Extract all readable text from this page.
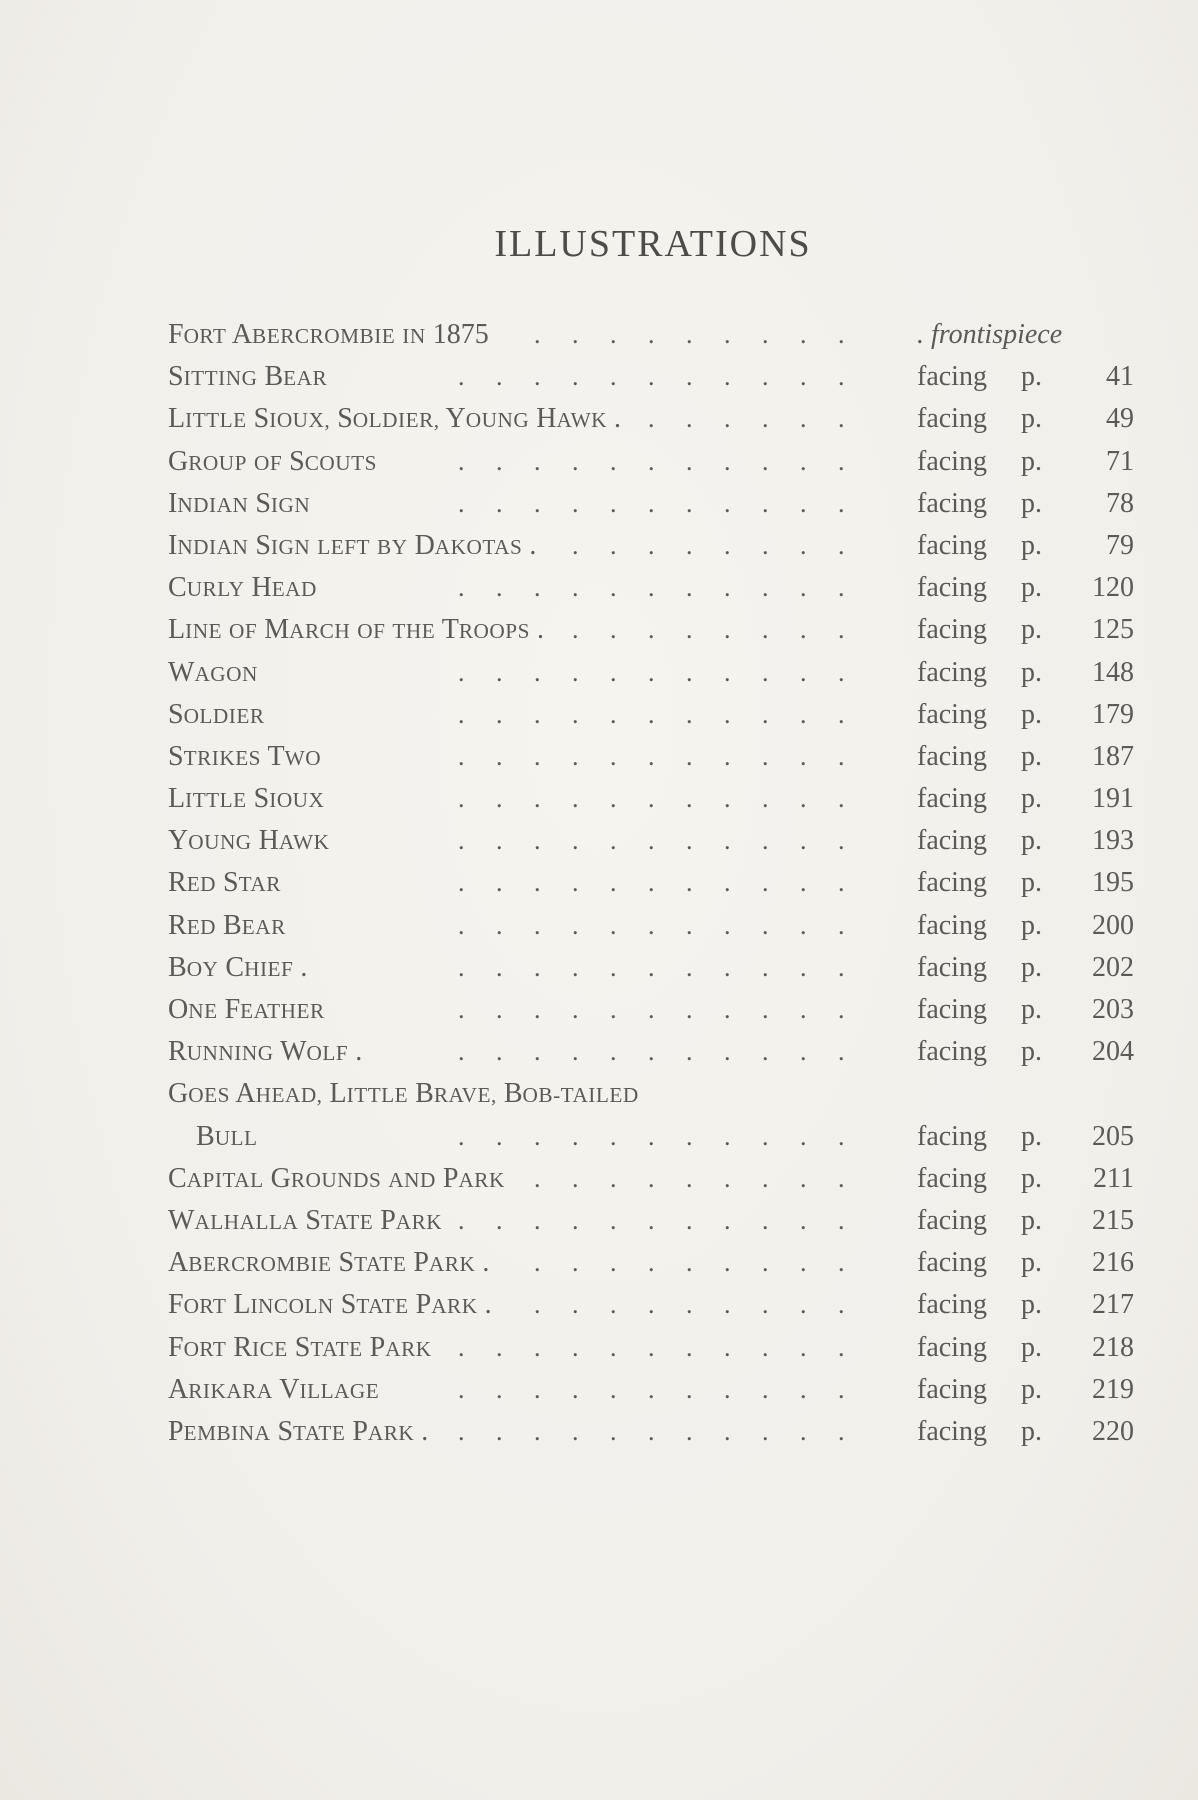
ILLUSTRATIONS
FORT ABERCROMBIE IN 1875 . . . . . . . . .	. frontispiece
SITTING BEAR	. . . . . . . . . . .	facing p. 41
LITTLE SIOUX, SOLDIER, YOUNG HAWK . . . . . . .	facing p. 49
GROUP OF SCOUTS	. . . . . . . . . . .	facing p. 71
INDIAN SIGN	. . . . . . . . . . .	facing p. 78
INDIAN SIGN LEFT BY DAKOTAS . . . . . . . . .	facing p. 79
CURLY HEAD	. . . . . . . . . . .	facing p. 120
LINE OF MARCH OF THE TROOPS . . . . . . . . .	facing p. 125
WAGON	. . . . . . . . . . .	facing p. 148
SOLDIER	. . . . . . . . . . .	facing p. 179
STRIKES TWO	. . . . . . . . . . .	facing p. 187
LITTLE SIOUX	. . . . . . . . . . .	facing p. 191
YOUNG HAWK	. . . . . . . . . . .	facing p. 193
RED STAR	. . . . . . . . . . .	facing p. 195
RED BEAR	. . . . . . . . . . .	facing p. 200
BOY CHIEF .	. . . . . . . . . . .	facing p. 202
ONE FEATHER	. . . . . . . . . . .	facing p. 203
RUNNING WOLF .	. . . . . . . . . . .	facing p. 204
GOES AHEAD, LITTLE BRAVE, BOB-TAILED
BULL	. . . . . . . . . . .	facing p. 205
CAPITAL GROUNDS AND PARK . . . . . . . . .	facing p. 211
WALHALLA STATE PARK . . . . . . . . . . .	facing p. 215
ABERCROMBIE STATE PARK . . . . . . . . . .	facing p. 216
FORT LINCOLN STATE PARK . . . . . . . . . .	facing p. 217
FORT RICE STATE PARK . . . . . . . . . . .	facing p. 218
ARIKARA VILLAGE	. . . . . . . . . . .	facing p. 219
PEMBINA STATE PARK . . . . . . . . . . . .	facing p. 220
